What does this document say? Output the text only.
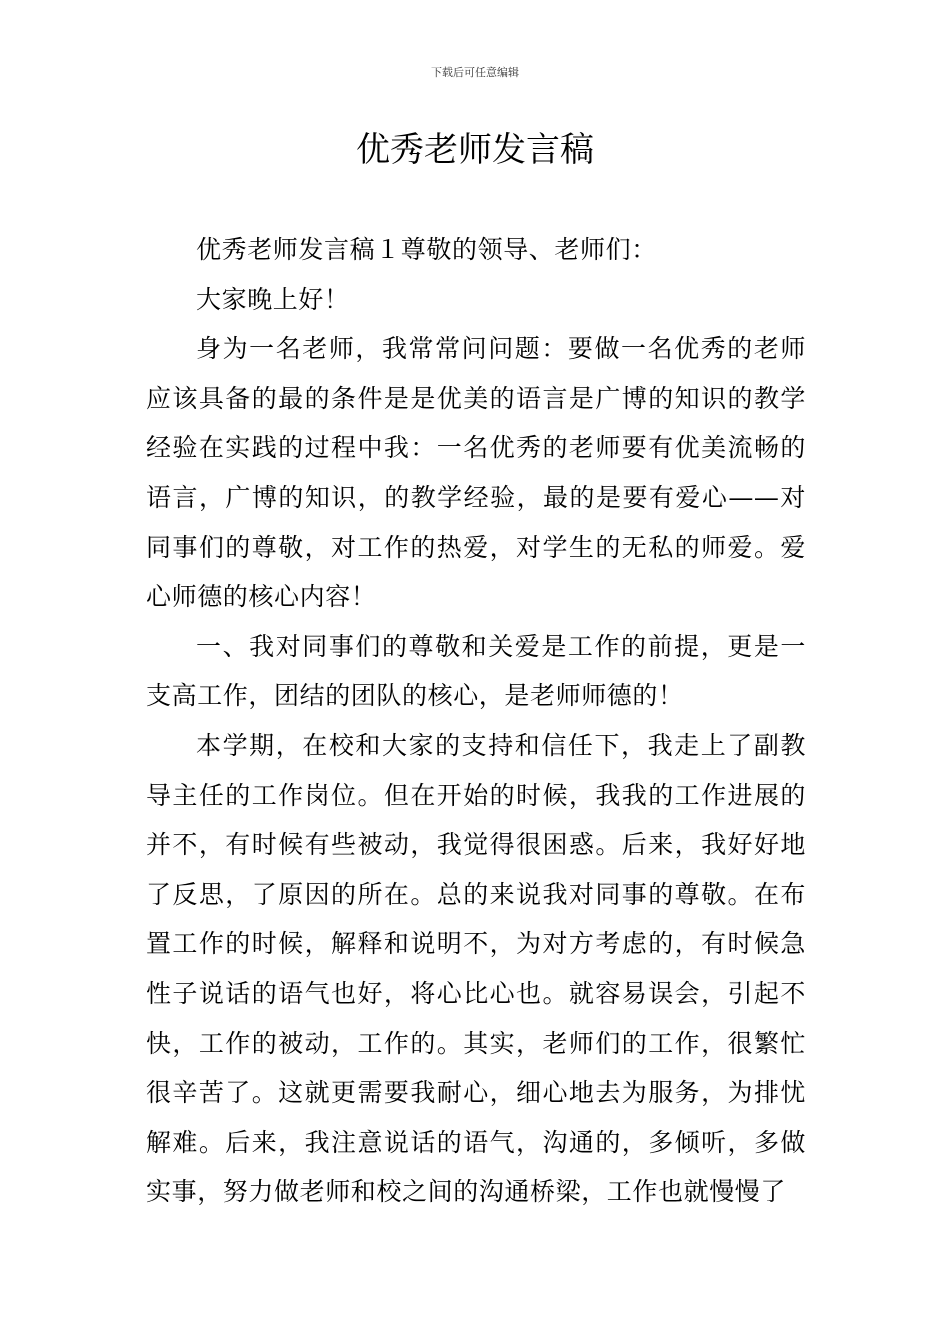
下载后可任意编辑
优秀老师发言稿

优秀老师发言稿１尊敬的领导、老师们：

大家晚上好！

身为一名老师，我常常问问题：要做一名优秀的老师应该具备的最的条件是是优美的语言是广博的知识的教学经验在实践的过程中我：一名优秀的老师要有优美流畅的语言，广博的知识，的教学经验，最的是要有爱心——对同事们的尊敬，对工作的热爱，对学生的无私的师爱。爱心师德的核心内容！

一、我对同事们的尊敬和关爱是工作的前提，更是一支高工作，团结的团队的核心，是老师师德的！

本学期，在校和大家的支持和信任下，我走上了副教导主任的工作岗位。但在开始的时候，我我的工作进展的并不，有时候有些被动，我觉得很困惑。后来，我好好地了反思，了原因的所在。总的来说我对同事的尊敬。在布置工作的时候，解释和说明不，为对方考虑的，有时候急性子说话的语气也好，将心比心也。就容易误会，引起不快，工作的被动，工作的。其实，老师们的工作，很繁忙很辛苦了。这就更需要我耐心，细心地去为服务，为排忧解难。后来，我注意说话的语气，沟通的，多倾听，多做实事，努力做老师和校之间的沟通桥梁，工作也就慢慢了
